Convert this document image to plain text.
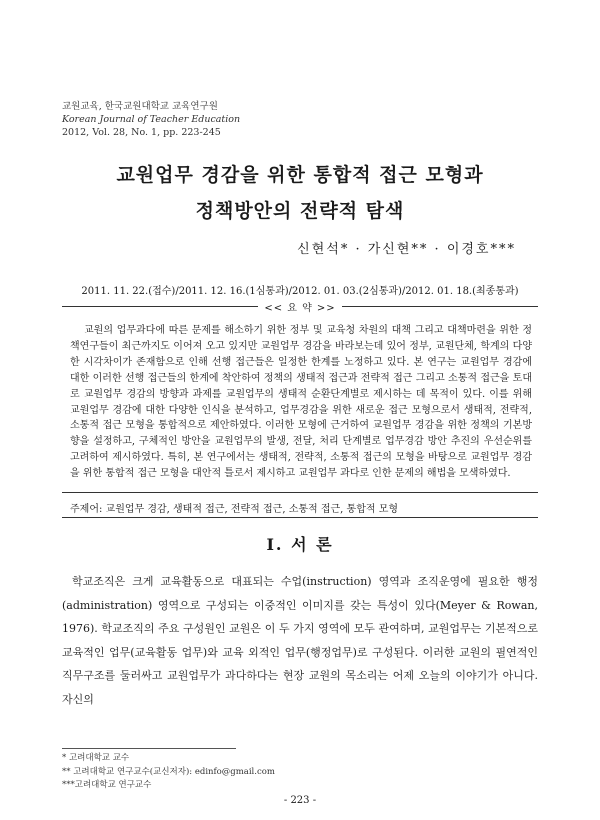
교원교육, 한국교원대학교 교육연구원
Korean Journal of Teacher Education
2012, Vol. 28, No. 1, pp. 223-245
교원업무 경감을 위한 통합적 접근 모형과
정책방안의 전략적 탐색
신현석* · 가신현** · 이경호***
2011. 11. 22.(접수)/2011. 12. 16.(1심통과)/2012. 01. 03.(2심통과)/2012. 01. 18.(최종통과)
<< 요 약 >>

교원의 업무과다에 따른 문제를 해소하기 위한 정부 및 교육청 차원의 대책 그리고 대책마련을 위한 정책연구들이 최근까지도 이어져 오고 있지만 교원업무 경감을 바라보는데 있어 정부, 교원단체, 학계의 다양한 시각차이가 존재함으로 인해 선행 접근들은 일정한 한계를 노정하고 있다. 본 연구는 교원업무 경감에 대한 이러한 선행 접근들의 한계에 착안하여 정책의 생태적 접근과 전략적 접근 그리고 소통적 접근을 토대로 교원업무 경감의 방향과 과제를 교원업무의 생태적 순환단계별로 제시하는 데 목적이 있다. 이를 위해 교원업무 경감에 대한 다양한 인식을 분석하고, 업무경감을 위한 새로운 접근 모형으로서 생태적, 전략적, 소통적 접근 모형을 통합적으로 제안하였다. 이러한 모형에 근거하여 교원업무 경감을 위한 정책의 기본방향을 설정하고, 구체적인 방안을 교원업무의 발생, 전달, 처리 단계별로 업무경감 방안 추진의 우선순위를 고려하여 제시하였다. 특히, 본 연구에서는 생태적, 전략적, 소통적 접근의 모형을 바탕으로 교원업무 경감을 위한 통합적 접근 모형을 대안적 틀로서 제시하고 교원업무 과다로 인한 문제의 해법을 모색하였다.

주제어: 교원업무 경감, 생태적 접근, 전략적 접근, 소통적 접근, 통합적 모형
Ⅰ. 서 론

학교조직은 크게 교육활동으로 대표되는 수업(instruction) 영역과 조직운영에 필요한 행정(administration) 영역으로 구성되는 이중적인 이미지를 갖는 특성이 있다(Meyer & Rowan, 1976). 학교조직의 주요 구성원인 교원은 이 두 가지 영역에 모두 관여하며, 교원업무는 기본적으로 교육적인 업무(교육활동 업무)와 교육 외적인 업무(행정업무)로 구성된다. 이러한 교원의 필연적인 직무구조를 둘러싸고 교원업무가 과다하다는 현장 교원의 목소리는 어제 오늘의 이야기가 아니다. 자신의

* 고려대학교 교수
** 고려대학교 연구교수(교신저자): edinfo@gmail.com
***고려대학교 연구교수
- 223 -
